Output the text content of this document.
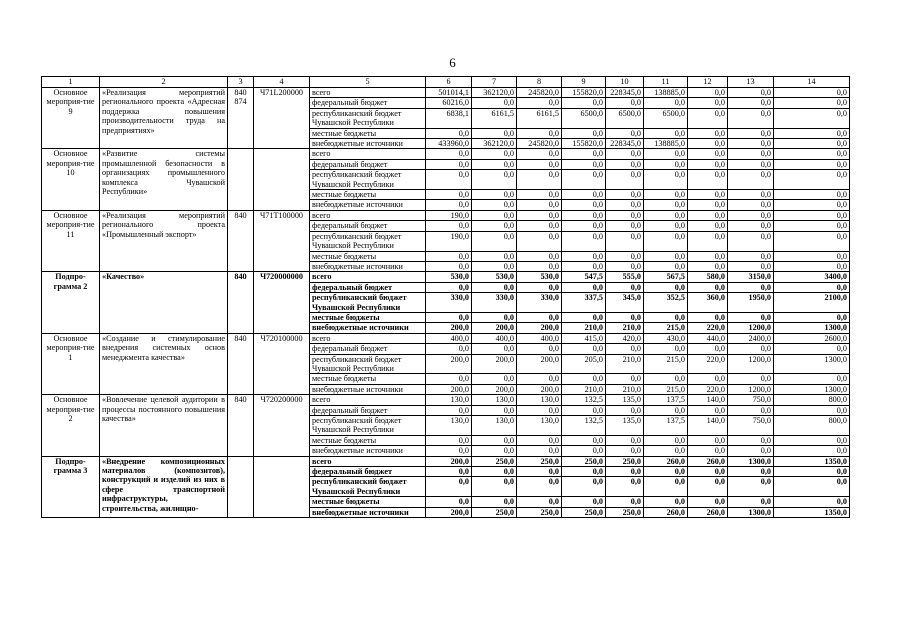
6
1	2	3	4	5	6	7	8	9	10	11	12	13	14
Основное мероприя-тие 9	«Реализация мероприятий регионального проекта «Адресная поддержка повышения производительности труда на предприятиях»	840 874	Ч71L200000	всего	501014,1	362120,0	245820,0	155820,0	228345,0	138885,0	0,0	0,0	0,0
				федеральный бюджет	60216,0	0,0	0,0	0,0	0,0	0,0	0,0	0,0	0,0
				республиканский бюджет Чувашской Республики	6838,1	6161,5	6161,5	6500,0	6500,0	6500,0	0,0	0,0	0,0
				местные бюджеты	0,0	0,0	0,0	0,0	0,0	0,0	0,0	0,0	0,0
				внебюджетные источники	433960,0	362120,0	245820,0	155820,0	228345,0	138885,0	0,0	0,0	0,0
Основное мероприя-тие 10	«Развитие системы промышленной безопасности в организациях промышленного комплекса Чувашской Республики»			всего	0,0	0,0	0,0	0,0	0,0	0,0	0,0	0,0	0,0
				федеральный бюджет	0,0	0,0	0,0	0,0	0,0	0,0	0,0	0,0	0,0
				республиканский бюджет Чувашской Республики	0,0	0,0	0,0	0,0	0,0	0,0	0,0	0,0	0,0
				местные бюджеты	0,0	0,0	0,0	0,0	0,0	0,0	0,0	0,0	0,0
				внебюджетные источники	0,0	0,0	0,0	0,0	0,0	0,0	0,0	0,0	0,0
Основное мероприя-тие 11	«Реализация мероприятий регионального проекта «Промышленный экспорт»	840	Ч71Т100000	всего	190,0	0,0	0,0	0,0	0,0	0,0	0,0	0,0	0,0
				федеральный бюджет	0,0	0,0	0,0	0,0	0,0	0,0	0,0	0,0	0,0
				республиканский бюджет Чувашской Республики	190,0	0,0	0,0	0,0	0,0	0,0	0,0	0,0	0,0
				местные бюджеты	0,0	0,0	0,0	0,0	0,0	0,0	0,0	0,0	0,0
				внебюджетные источники	0,0	0,0	0,0	0,0	0,0	0,0	0,0	0,0	0,0
Подпро-грамма 2	«Качество»	840	Ч720000000	всего	530,0	530,0	530,0	547,5	555,0	567,5	580,0	3150,0	3400,0
				федеральный бюджет	0,0	0,0	0,0	0,0	0,0	0,0	0,0	0,0	0,0
				республиканский бюджет Чувашской Республики	330,0	330,0	330,0	337,5	345,0	352,5	360,0	1950,0	2100,0
				местные бюджеты	0,0	0,0	0,0	0,0	0,0	0,0	0,0	0,0	0,0
				внебюджетные источники	200,0	200,0	200,0	210,0	210,0	215,0	220,0	1200,0	1300,0
Основное мероприя-тие 1	«Создание и стимулирование внедрения системных основ менеджмента качества»	840	Ч720100000	всего	400,0	400,0	400,0	415,0	420,0	430,0	440,0	2400,0	2600,0
				федеральный бюджет	0,0	0,0	0,0	0,0	0,0	0,0	0,0	0,0	0,0
				республиканский бюджет Чувашской Республики	200,0	200,0	200,0	205,0	210,0	215,0	220,0	1200,0	1300,0
				местные бюджеты	0,0	0,0	0,0	0,0	0,0	0,0	0,0	0,0	0,0
				внебюджетные источники	200,0	200,0	200,0	210,0	210,0	215,0	220,0	1200,0	1300,0
Основное мероприя-тие 2	«Вовлечение целевой аудитории в процессы постоянного повышения качества»	840	Ч720200000	всего	130,0	130,0	130,0	132,5	135,0	137,5	140,0	750,0	800,0
				федеральный бюджет	0,0	0,0	0,0	0,0	0,0	0,0	0,0	0,0	0,0
				республиканский бюджет Чувашской Республики	130,0	130,0	130,0	132,5	135,0	137,5	140,0	750,0	800,0
				местные бюджеты	0,0	0,0	0,0	0,0	0,0	0,0	0,0	0,0	0,0
				внебюджетные источники	0,0	0,0	0,0	0,0	0,0	0,0	0,0	0,0	0,0
Подпро-грамма 3	«Внедрение композиционных материалов (композитов), конструкций и изделий из них в сфере транспортной инфраструктуры, строительства, жилищно-			всего	200,0	250,0	250,0	250,0	250,0	260,0	260,0	1300,0	1350,0
				федеральный бюджет	0,0	0,0	0,0	0,0	0,0	0,0	0,0	0,0	0,0
				республиканский бюджет Чувашской Республики	0,0	0,0	0,0	0,0	0,0	0,0	0,0	0,0	0,0
				местные бюджеты	0,0	0,0	0,0	0,0	0,0	0,0	0,0	0,0	0,0
				внебюджетные источники	200,0	250,0	250,0	250,0	250,0	260,0	260,0	1300,0	1350,0
